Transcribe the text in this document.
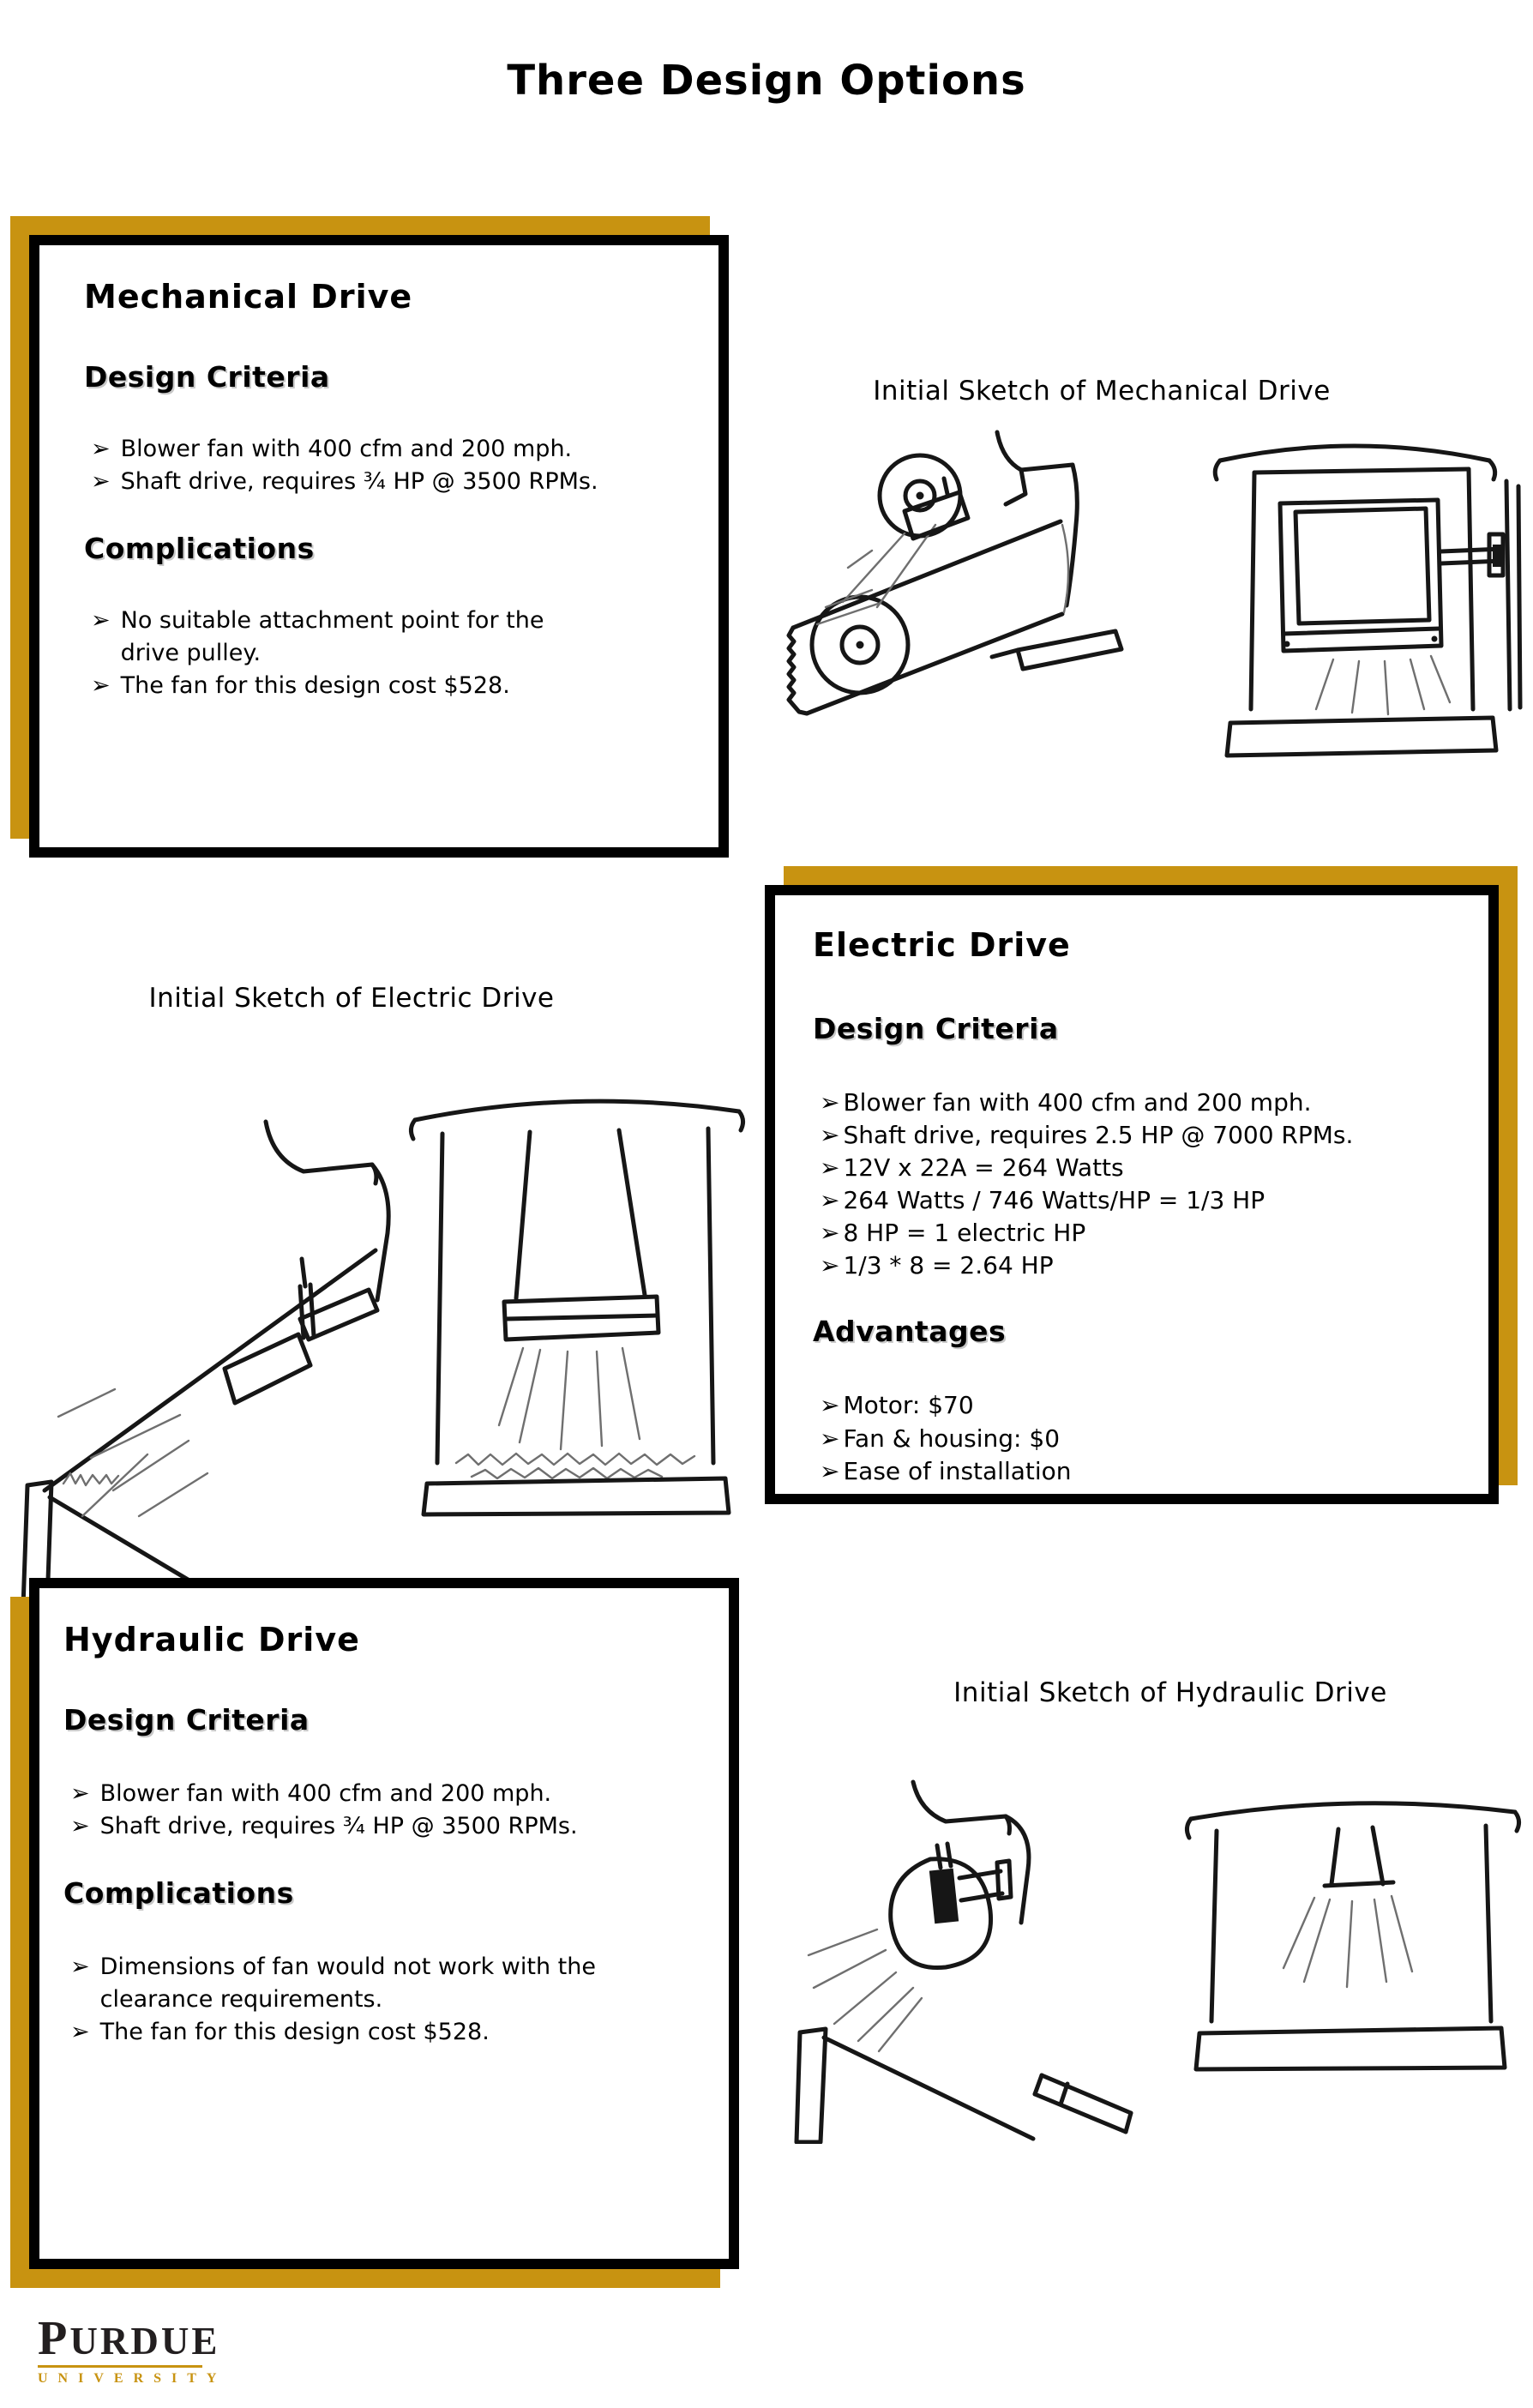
Three Design Options
Mechanical Drive
Design Criteria
➢ Blower fan with 400 cfm and 200 mph.
➢ Shaft drive, requires ¾ HP @ 3500 RPMs.
Complications
➢ No suitable attachment point for the drive pulley.
➢ The fan for this design cost $528.

Initial Sketch of Mechanical Drive

Initial Sketch of Electric Drive

Electric Drive
Design Criteria
➢ Blower fan with 400 cfm and 200 mph.
➢ Shaft drive, requires 2.5 HP @ 7000 RPMs.
➢ 12V x 22A = 264 Watts
➢ 264 Watts / 746 Watts/HP = 1/3 HP
➢ 8 HP = 1 electric HP
➢ 1/3 * 8 = 2.64 HP
Advantages
➢ Motor: $70
➢ Fan & housing: $0
➢ Ease of installation
Hydraulic Drive
Design Criteria
➢ Blower fan with 400 cfm and 200 mph.
➢ Shaft drive, requires ¾ HP @ 3500 RPMs.
Complications
➢ Dimensions of fan would not work with the clearance requirements.
➢ The fan for this design cost $528.

Initial Sketch of Hydraulic Drive

PURDUE
UNIVERSITY
